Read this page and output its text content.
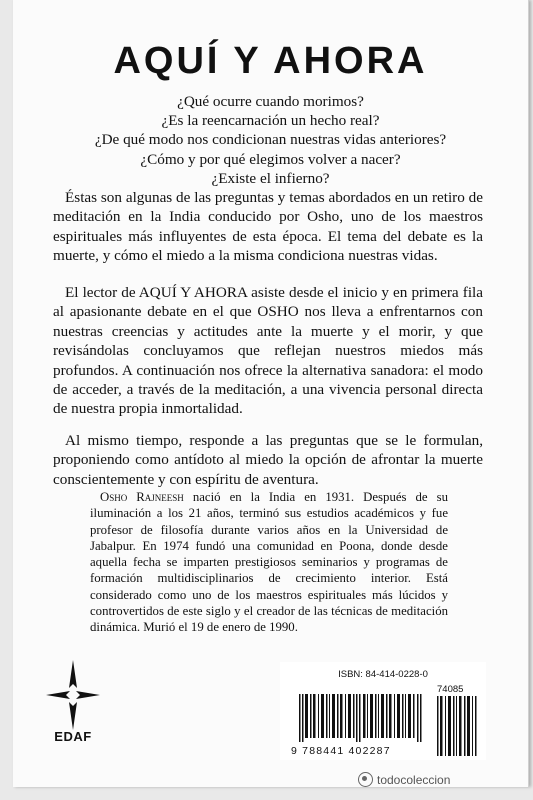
AQUÍ Y AHORA
¿Qué ocurre cuando morimos?
¿Es la reencarnación un hecho real?
¿De qué modo nos condicionan nuestras vidas anteriores?
¿Cómo y por qué elegimos volver a nacer?
¿Existe el infierno?
Éstas son algunas de las preguntas y temas abordados en un retiro de meditación en la India conducido por Osho, uno de los maestros espirituales más influyentes de esta época. El tema del debate es la muerte, y cómo el miedo a la misma condiciona nuestras vidas.
El lector de AQUÍ Y AHORA asiste desde el inicio y en primera fila al apasionante debate en el que OSHO nos lleva a enfrentarnos con nuestras creencias y actitudes ante la muerte y el morir, y que revisándolas concluyamos que reflejan nuestros miedos más profundos. A continuación nos ofrece la alternativa sanadora: el modo de acceder, a través de la meditación, a una vivencia personal directa de nuestra propia inmortalidad.
Al mismo tiempo, responde a las preguntas que se le formulan, proponiendo como antídoto al miedo la opción de afrontar la muerte conscientemente y con espíritu de aventura.
Osho Rajneesh nació en la India en 1931. Después de su iluminación a los 21 años, terminó sus estudios académicos y fue profesor de filosofía durante varios años en la Universidad de Jabalpur. En 1974 fundó una comunidad en Poona, donde desde aquella fecha se imparten prestigiosos seminarios y programas de formación multidisciplinarios de crecimiento interior. Está considerado como uno de los maestros espirituales más lúcidos y controvertidos de este siglo y el creador de las técnicas de meditación dinámica. Murió el 19 de enero de 1990.
EDAF
ISBN: 84-414-0228-0
74085
9 788441 402287
todocoleccion
